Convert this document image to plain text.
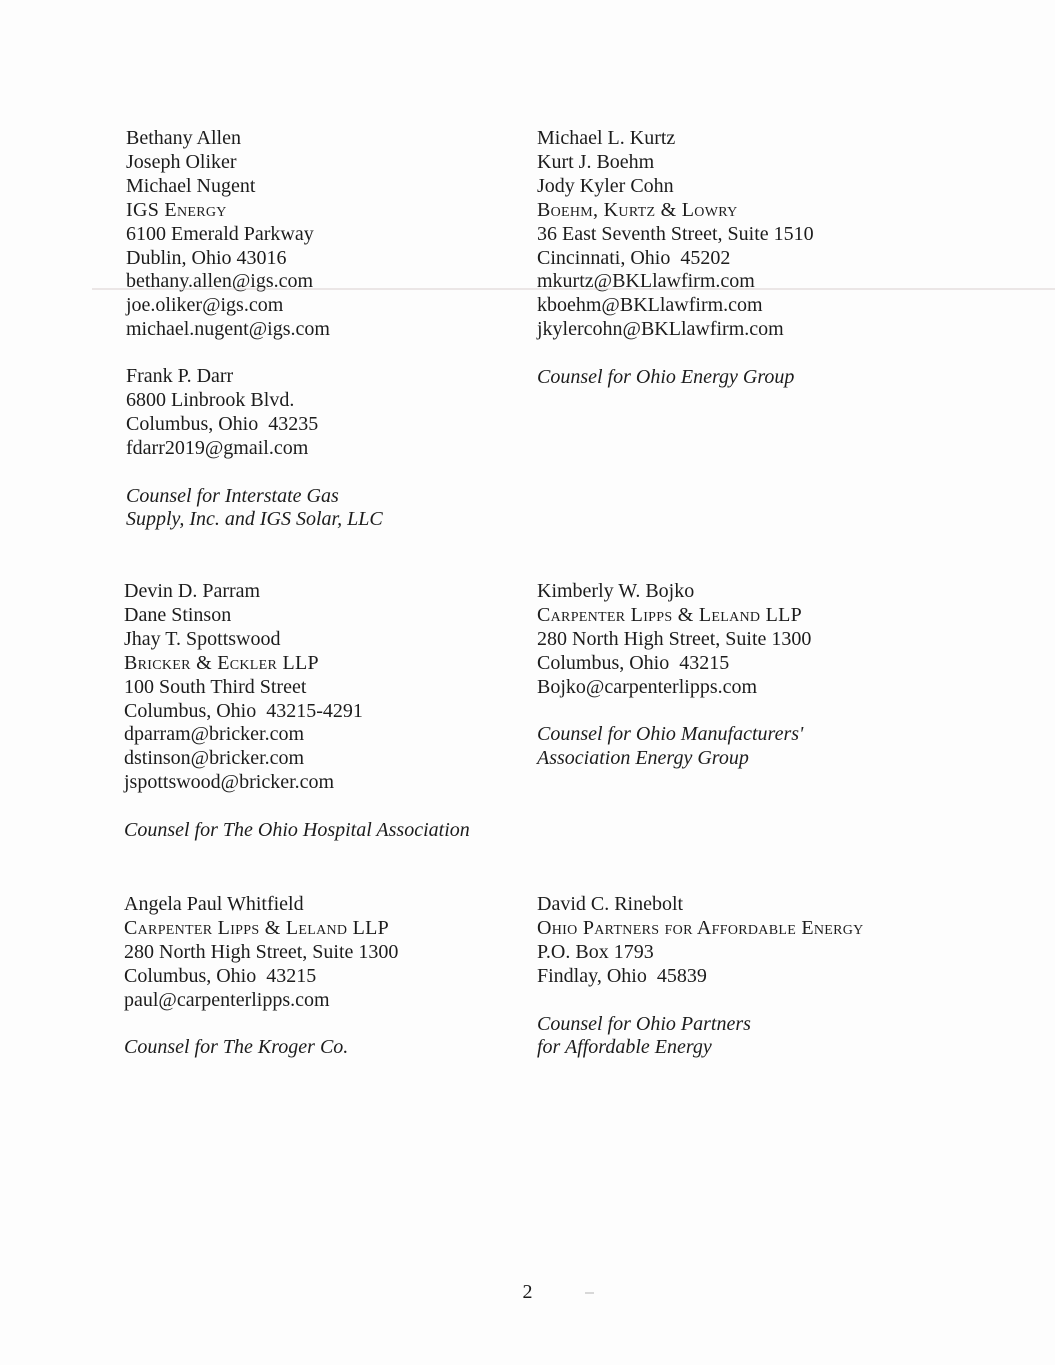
Bethany Allen
Joseph Oliker
Michael Nugent
IGS Energy
6100 Emerald Parkway
Dublin, Ohio 43016
bethany.allen@igs.com
joe.oliker@igs.com
michael.nugent@igs.com
Michael L. Kurtz
Kurt J. Boehm
Jody Kyler Cohn
Boehm, Kurtz & Lowry
36 East Seventh Street, Suite 1510
Cincinnati, Ohio  45202
mkurtz@BKLlawfirm.com
kboehm@BKLlawfirm.com
jkylercohn@BKLlawfirm.com
Counsel for Ohio Energy Group
Frank P. Darr
6800 Linbrook Blvd.
Columbus, Ohio  43235
fdarr2019@gmail.com
Counsel for Interstate Gas
Supply, Inc. and IGS Solar, LLC
Devin D. Parram
Dane Stinson
Jhay T. Spottswood
Bricker & Eckler LLP
100 South Third Street
Columbus, Ohio  43215-4291
dparram@bricker.com
dstinson@bricker.com
jspottswood@bricker.com
Counsel for The Ohio Hospital Association
Kimberly W. Bojko
Carpenter Lipps & Leland LLP
280 North High Street, Suite 1300
Columbus, Ohio  43215
Bojko@carpenterlipps.com
Counsel for Ohio Manufacturers'
Association Energy Group
Angela Paul Whitfield
Carpenter Lipps & Leland LLP
280 North High Street, Suite 1300
Columbus, Ohio  43215
paul@carpenterlipps.com
Counsel for The Kroger Co.
David C. Rinebolt
Ohio Partners for Affordable Energy
P.O. Box 1793
Findlay, Ohio  45839
Counsel for Ohio Partners
for Affordable Energy
2
